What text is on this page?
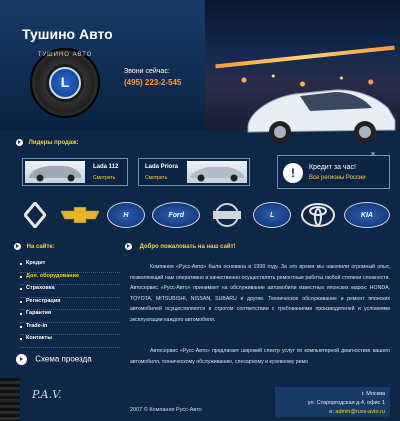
Тушино Авто
ТУШИНО АВТО
L
Звони сейчас:
(495) 223-2-545
Лидеры продаж:
Lada 112
Смотреть
Lada Priora
Смотреть	!	Кредит за час!
Все регионы России
H	Ford	L	KIA
На сайте:
Кредит
Доп. оборудование
Страховка
Регистрация
Гарантия
Trade-in
Контакты
Схема проезда
P.A.V.
Добро пожаловать на наш сайт!

Компания «Русс-Авто» была основана в 1998 году. За это время мы накопили огромный опыт, позволяющий нам оперативно и качественно осуществлять ремонтные работы любой степени сложности. Автосервис «Русс-Авто» принимает на обслуживание автомобили известных японских марок: HONDA, TOYOTA, MITSUBISHI, NISSAN, SUBARU и другие. Техническое обслуживание и ремонт японских автомобилей осуществляются в строгом соответствии с требованиями производителей и условиями эксплуатации каждого автомобиля.

Автосервис «Русс-Авто» предлагает широкий спектр услуг по компьютерной диагностике вашего автомобиля, техническому обслуживанию, слесарному и кузовному ремо

2007 © Компания Русс-Авто
г. Москва
ул. Староргодская д.4, офис 1
e: admin@russ-avto.ru
